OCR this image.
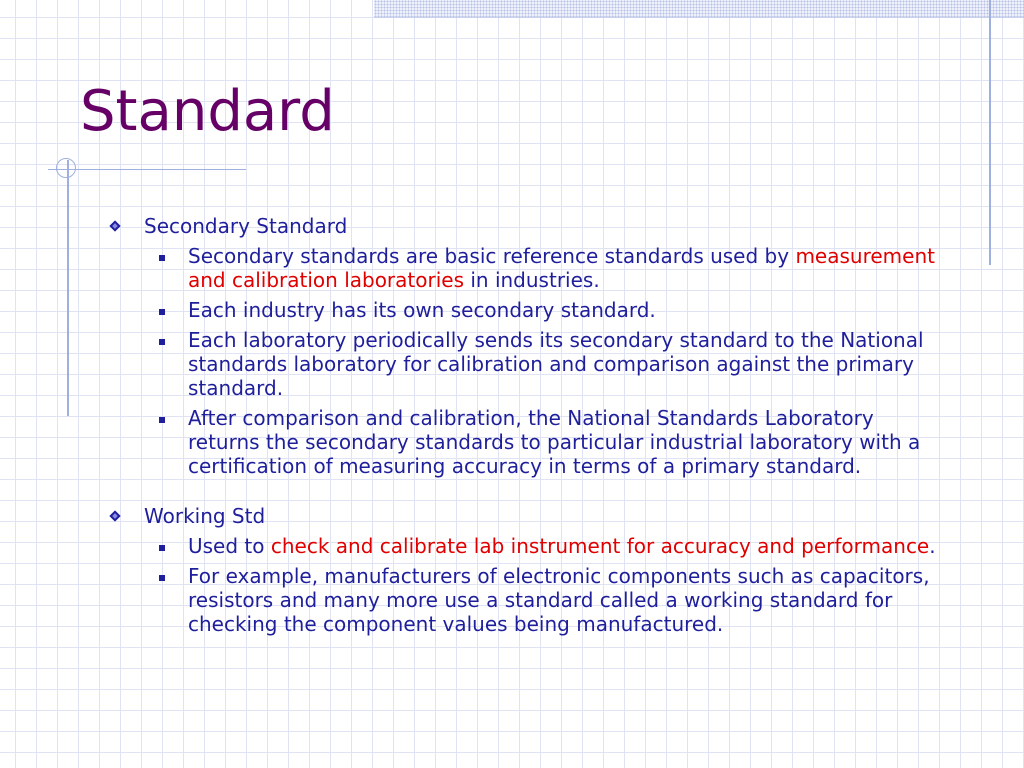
Standard
Secondary Standard
Secondary standards are basic reference standards used by measurement and calibration laboratories in industries.
Each industry has its own secondary standard.
Each laboratory periodically sends its secondary standard to the National standards laboratory for calibration and comparison against the primary standard.
After comparison and calibration, the National Standards Laboratory returns the secondary standards to particular industrial laboratory with a certification of measuring accuracy in terms of a primary standard.
Working Std
Used to check and calibrate lab instrument for accuracy and performance.
For example, manufacturers of electronic components such as capacitors, resistors and many more use a standard called a working standard for checking the component values being manufactured.
